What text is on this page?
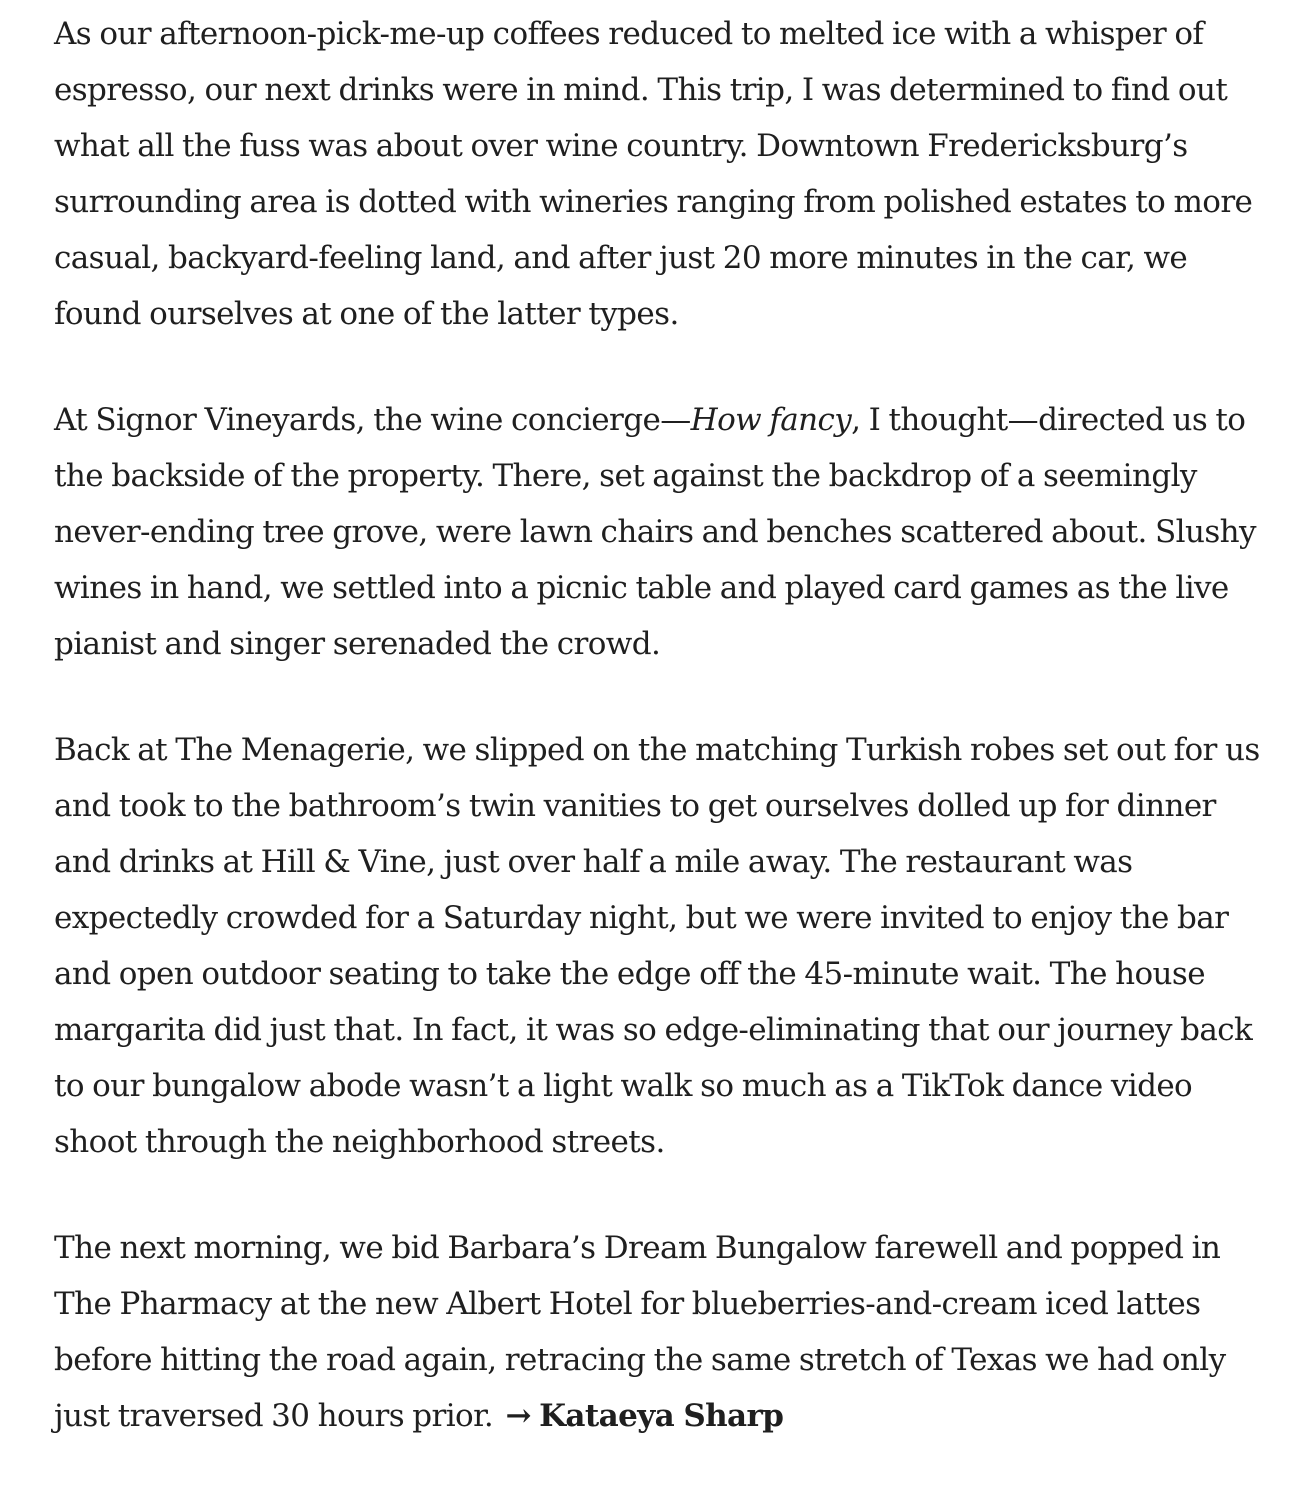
As our afternoon-pick-me-up coffees reduced to melted ice with a whisper of espresso, our next drinks were in mind. This trip, I was determined to find out what all the fuss was about over wine country. Downtown Fredericksburg’s surrounding area is dotted with wineries ranging from polished estates to more casual, backyard-feeling land, and after just 20 more minutes in the car, we found ourselves at one of the latter types.

At Signor Vineyards, the wine concierge—How fancy, I thought—directed us to the backside of the property. There, set against the backdrop of a seemingly never-ending tree grove, were lawn chairs and benches scattered about. Slushy wines in hand, we settled into a picnic table and played card games as the live pianist and singer serenaded the crowd.

Back at The Menagerie, we slipped on the matching Turkish robes set out for us and took to the bathroom’s twin vanities to get ourselves dolled up for dinner and drinks at Hill & Vine, just over half a mile away. The restaurant was expectedly crowded for a Saturday night, but we were invited to enjoy the bar and open outdoor seating to take the edge off the 45-minute wait. The house margarita did just that. In fact, it was so edge-eliminating that our journey back to our bungalow abode wasn’t a light walk so much as a TikTok dance video shoot through the neighborhood streets.

The next morning, we bid Barbara’s Dream Bungalow farewell and popped in The Pharmacy at the new Albert Hotel for blueberries-and-cream iced lattes before hitting the road again, retracing the same stretch of Texas we had only just traversed 30 hours prior. → Kataeya Sharp
